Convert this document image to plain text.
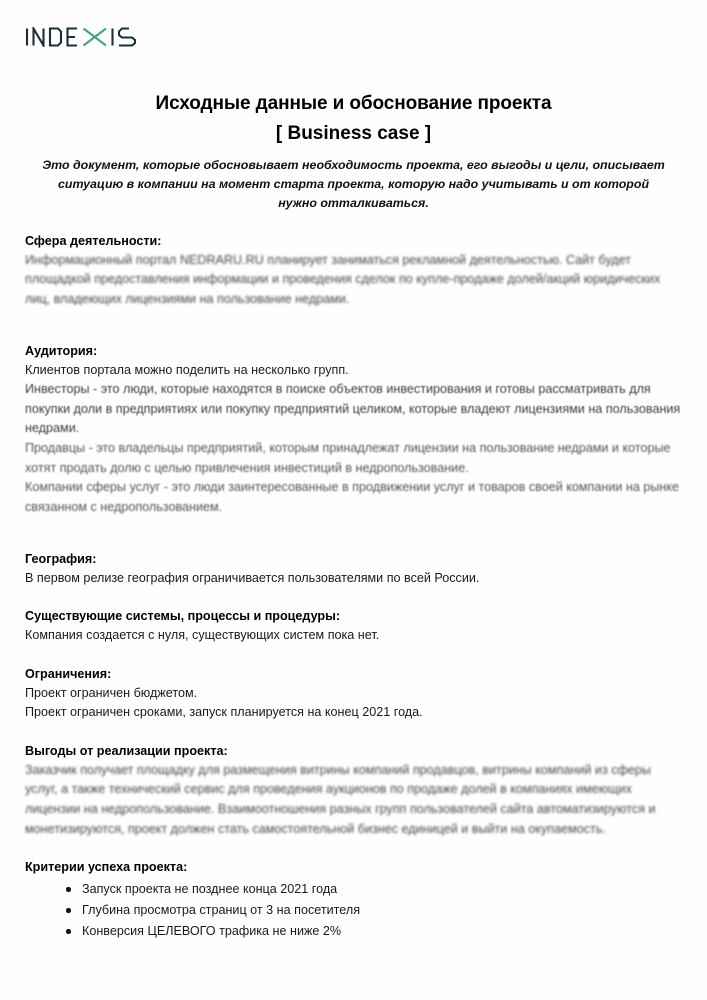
Исходные данные и обоснование проекта
[ Business case ]

Это документ, которые обосновывает необходимость проекта, его выгоды и цели, описывает ситуацию в компании на момент старта проекта, которую надо учитывать и от которой нужно отталкиваться.

Сфера деятельности:

Информационный портал NEDRARU.RU планирует заниматься рекламной деятельностью. Сайт будет площадкой предоставления информации и проведения сделок по купле-продаже долей/акций юридических лиц, владеющих лицензиями на пользование недрами.

Аудитория:

Клиентов портала можно поделить на несколько групп.

Инвесторы - это люди, которые находятся в поиске объектов инвестирования и готовы рассматривать для покупки доли в предприятиях или покупку предприятий целиком, которые владеют лицензиями на пользования недрами.

Продавцы - это владельцы предприятий, которым принадлежат лицензии на пользование недрами и которые хотят продать долю с целью привлечения инвестиций в недропользование.

Компании сферы услуг - это люди заинтересованные в продвижении услуг и товаров своей компании на рынке связанном с недропользованием.

География:

В первом релизе география ограничивается пользователями по всей России.

Существующие системы, процессы и процедуры:

Компания создается с нуля, существующих систем пока нет.

Ограничения:

Проект ограничен бюджетом.

Проект ограничен сроками, запуск планируется на конец 2021 года.

Выгоды от реализации проекта:

Заказчик получает площадку для размещения витрины компаний продавцов, витрины компаний из сферы услуг, а также технический сервис для проведения аукционов по продаже долей в компаниях имеющих лицензии на недропользование. Взаимоотношения разных групп пользователей сайта автоматизируются и монетизируются, проект должен стать самостоятельной бизнес единицей и выйти на окупаемость.

Критерии успеха проекта:

Запуск проекта не позднее конца 2021 года
Глубина просмотра страниц от 3 на посетителя
Конверсия ЦЕЛЕВОГО трафика не ниже 2%
